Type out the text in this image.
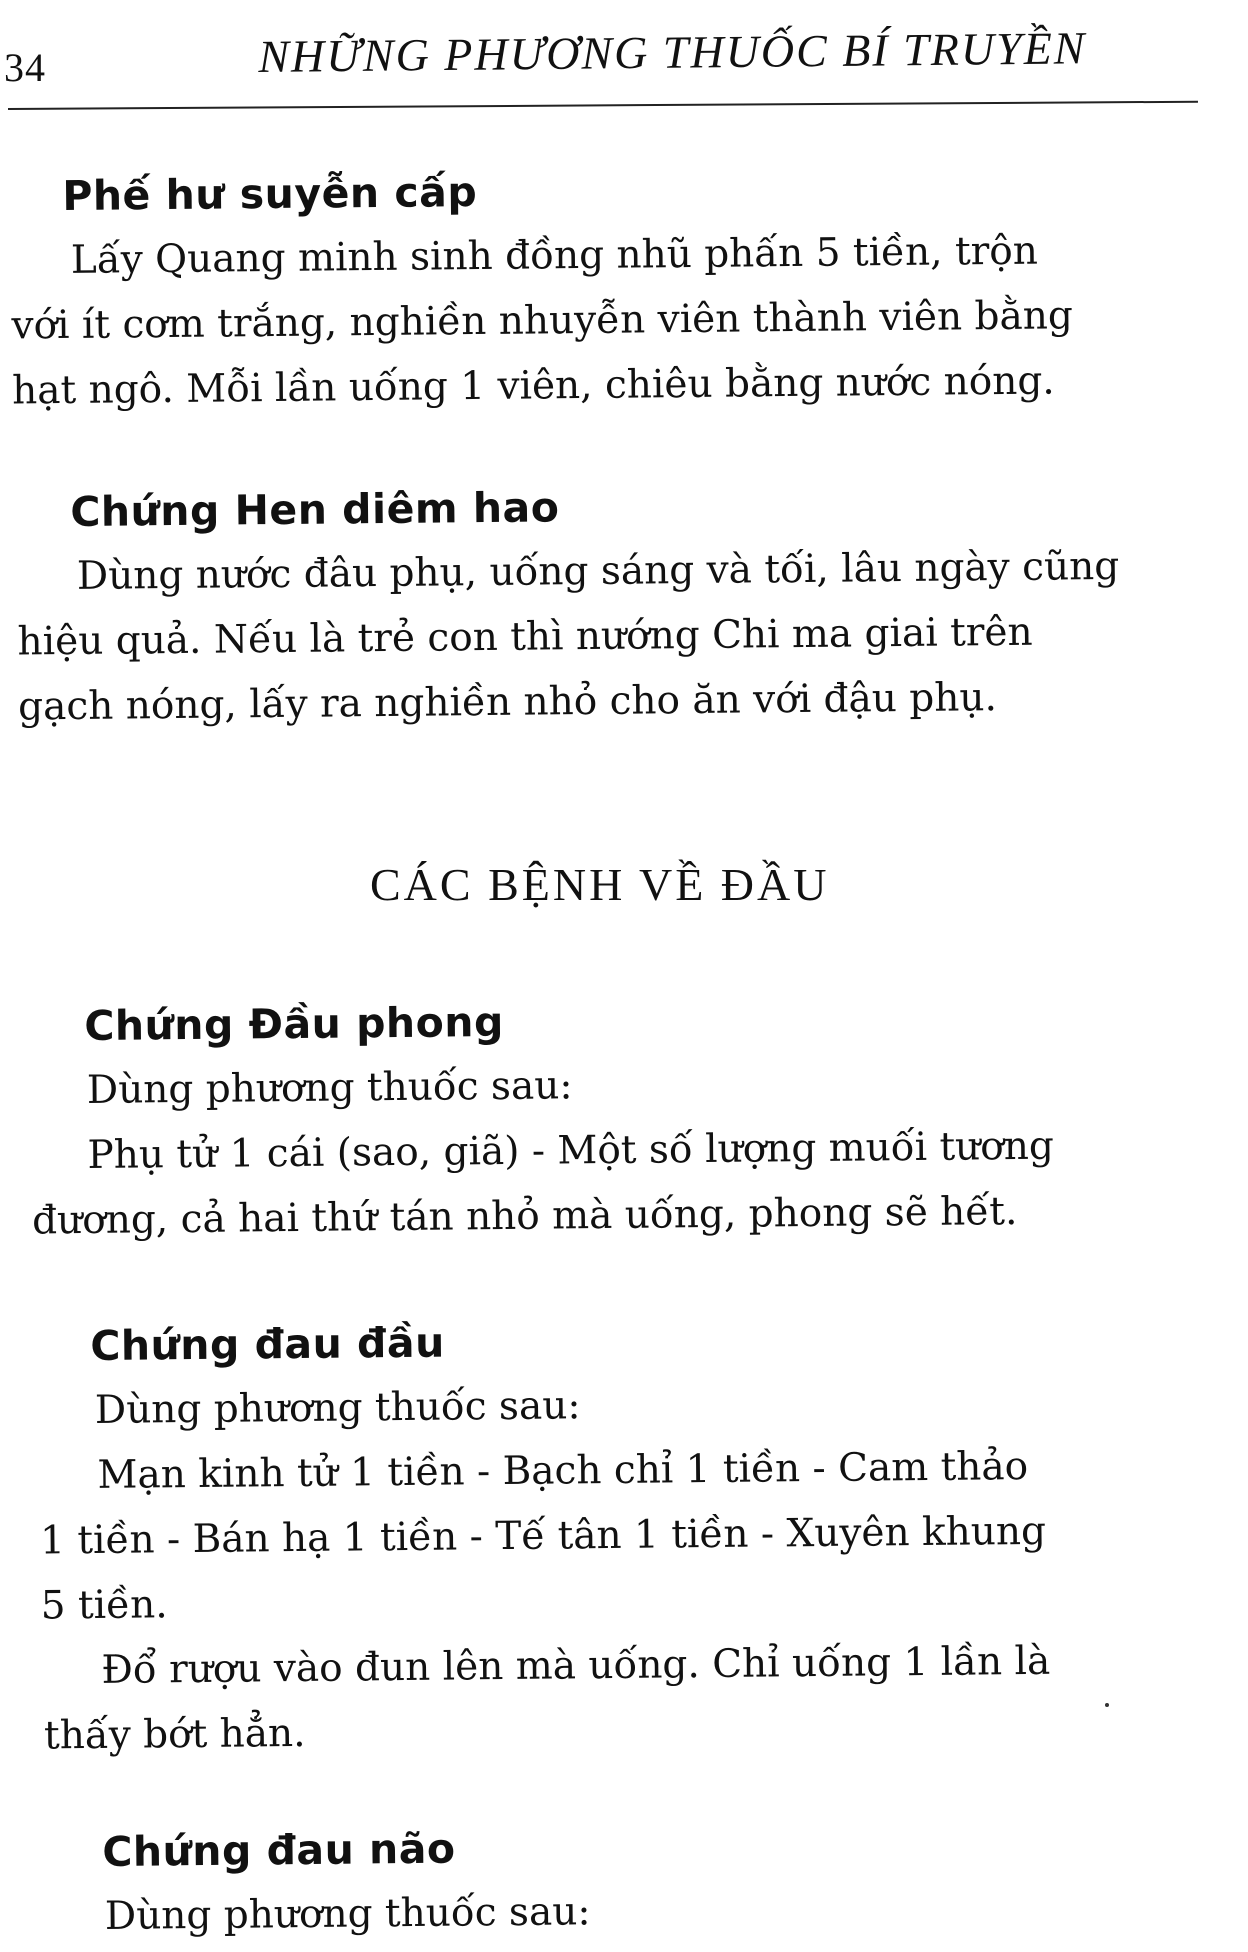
34	NHỮNG PHƯƠNG THUỐC BÍ TRUYỀN
Phế hư suyễn cấp

Lấy Quang minh sinh đồng nhũ phấn 5 tiền, trộn

với ít cơm trắng, nghiền nhuyễn viên thành viên bằng

hạt ngô. Mỗi lần uống 1 viên, chiêu bằng nước nóng.

Chứng Hen diêm hao

Dùng nước đâu phụ, uống sáng và tối, lâu ngày cũng

hiệu quả. Nếu là trẻ con thì nướng Chi ma giai trên

gạch nóng, lấy ra nghiền nhỏ cho ăn với đậu phụ.

CÁC BỆNH VỀ ĐẦU
Chứng Đầu phong

Dùng phương thuốc sau:

Phụ tử 1 cái (sao, giã) - Một số lượng muối tương

đương, cả hai thứ tán nhỏ mà uống, phong sẽ hết.

Chứng đau đầu

Dùng phương thuốc sau:

Mạn kinh tử 1 tiền - Bạch chỉ 1 tiền - Cam thảo

1 tiền - Bán hạ 1 tiền - Tế tân 1 tiền - Xuyên khung

5 tiền.

Đổ rượu vào đun lên mà uống. Chỉ uống 1 lần là

thấy bớt hẳn.

Chứng đau não

Dùng phương thuốc sau:
